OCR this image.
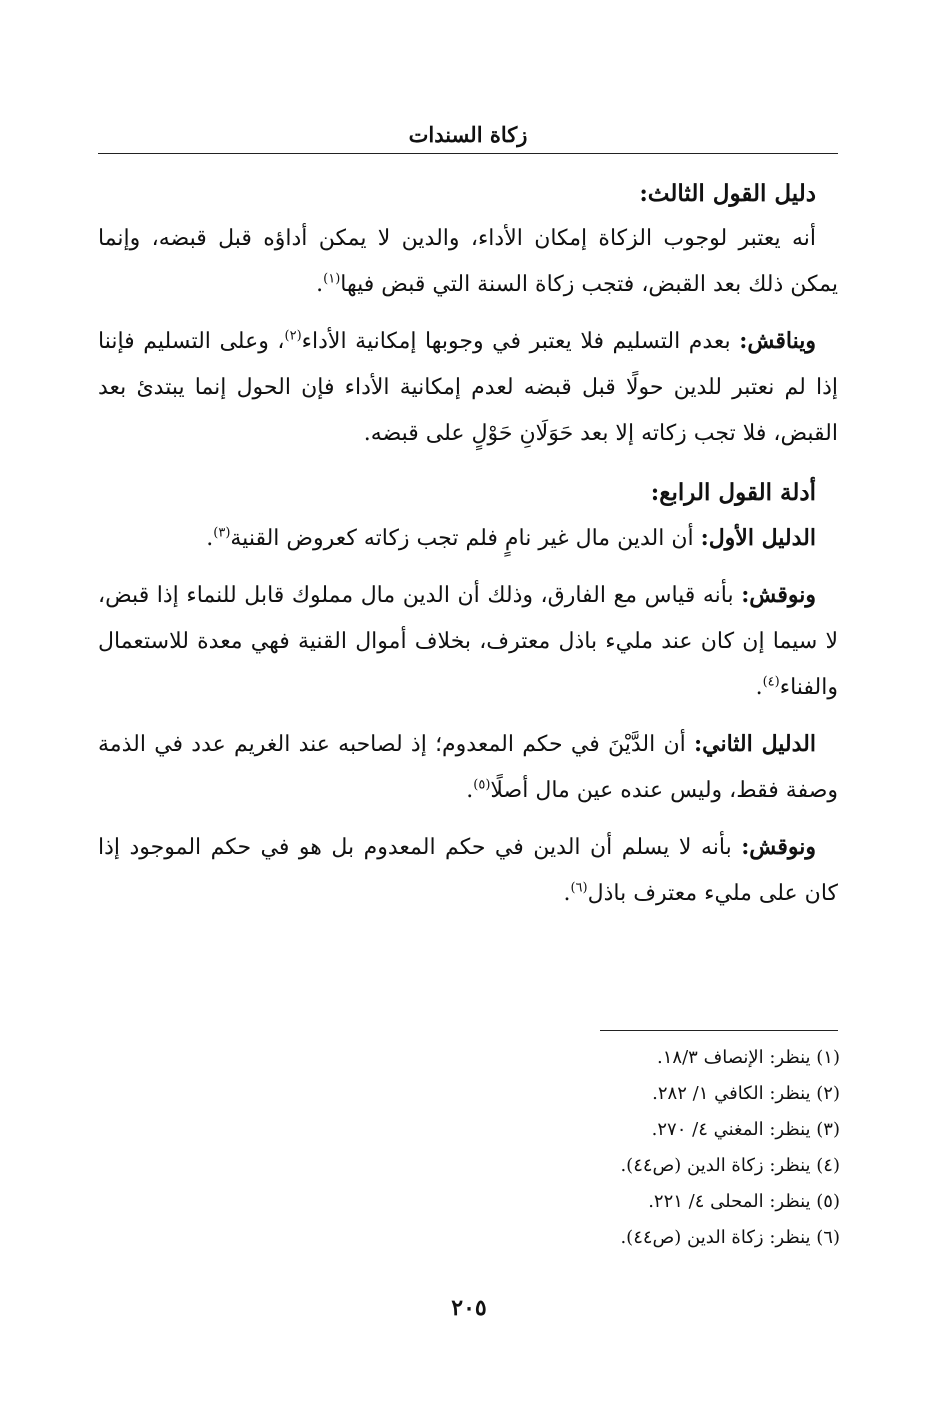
زكاة السندات
دليل القول الثالث:

أنه يعتبر لوجوب الزكاة إمكان الأداء، والدين لا يمكن أداؤه قبل قبضه، وإنما يمكن ذلك بعد القبض، فتجب زكاة السنة التي قبض فيها$^{(١)}$.

ويناقش: بعدم التسليم فلا يعتبر في وجوبها إمكانية الأداء$^{(٢)}$، وعلى التسليم فإننا إذا لم نعتبر للدين حولًا قبل قبضه لعدم إمكانية الأداء فإن الحول إنما يبتدئ بعد القبض، فلا تجب زكاته إلا بعد حَوَلَانِ حَوْلٍ على قبضه.

أدلة القول الرابع:

الدليل الأول: أن الدين مال غير نامٍ فلم تجب زكاته كعروض القنية$^{(٣)}$.

ونوقش: بأنه قياس مع الفارق، وذلك أن الدين مال مملوك قابل للنماء إذا قبض، لا سيما إن كان عند مليء باذل معترف، بخلاف أموال القنية فهي معدة للاستعمال والفناء$^{(٤)}$.

الدليل الثاني: أن الدَّيْنَ في حكم المعدوم؛ إذ لصاحبه عند الغريم عدد في الذمة وصفة فقط، وليس عنده عين مال أصلًا$^{(٥)}$.

ونوقش: بأنه لا يسلم أن الدين في حكم المعدوم بل هو في حكم الموجود إذا كان على مليء معترف باذل$^{(٦)}$.

(١) ينظر: الإنصاف ١٨/٣.

(٢) ينظر: الكافي ١/ ٢٨٢.

(٣) ينظر: المغني ٤/ ٢٧٠.

(٤) ينظر: زكاة الدين (ص٤٤).

(٥) ينظر: المحلى ٤/ ٢٢١.

(٦) ينظر: زكاة الدين (ص٤٤).

٢٠٥
